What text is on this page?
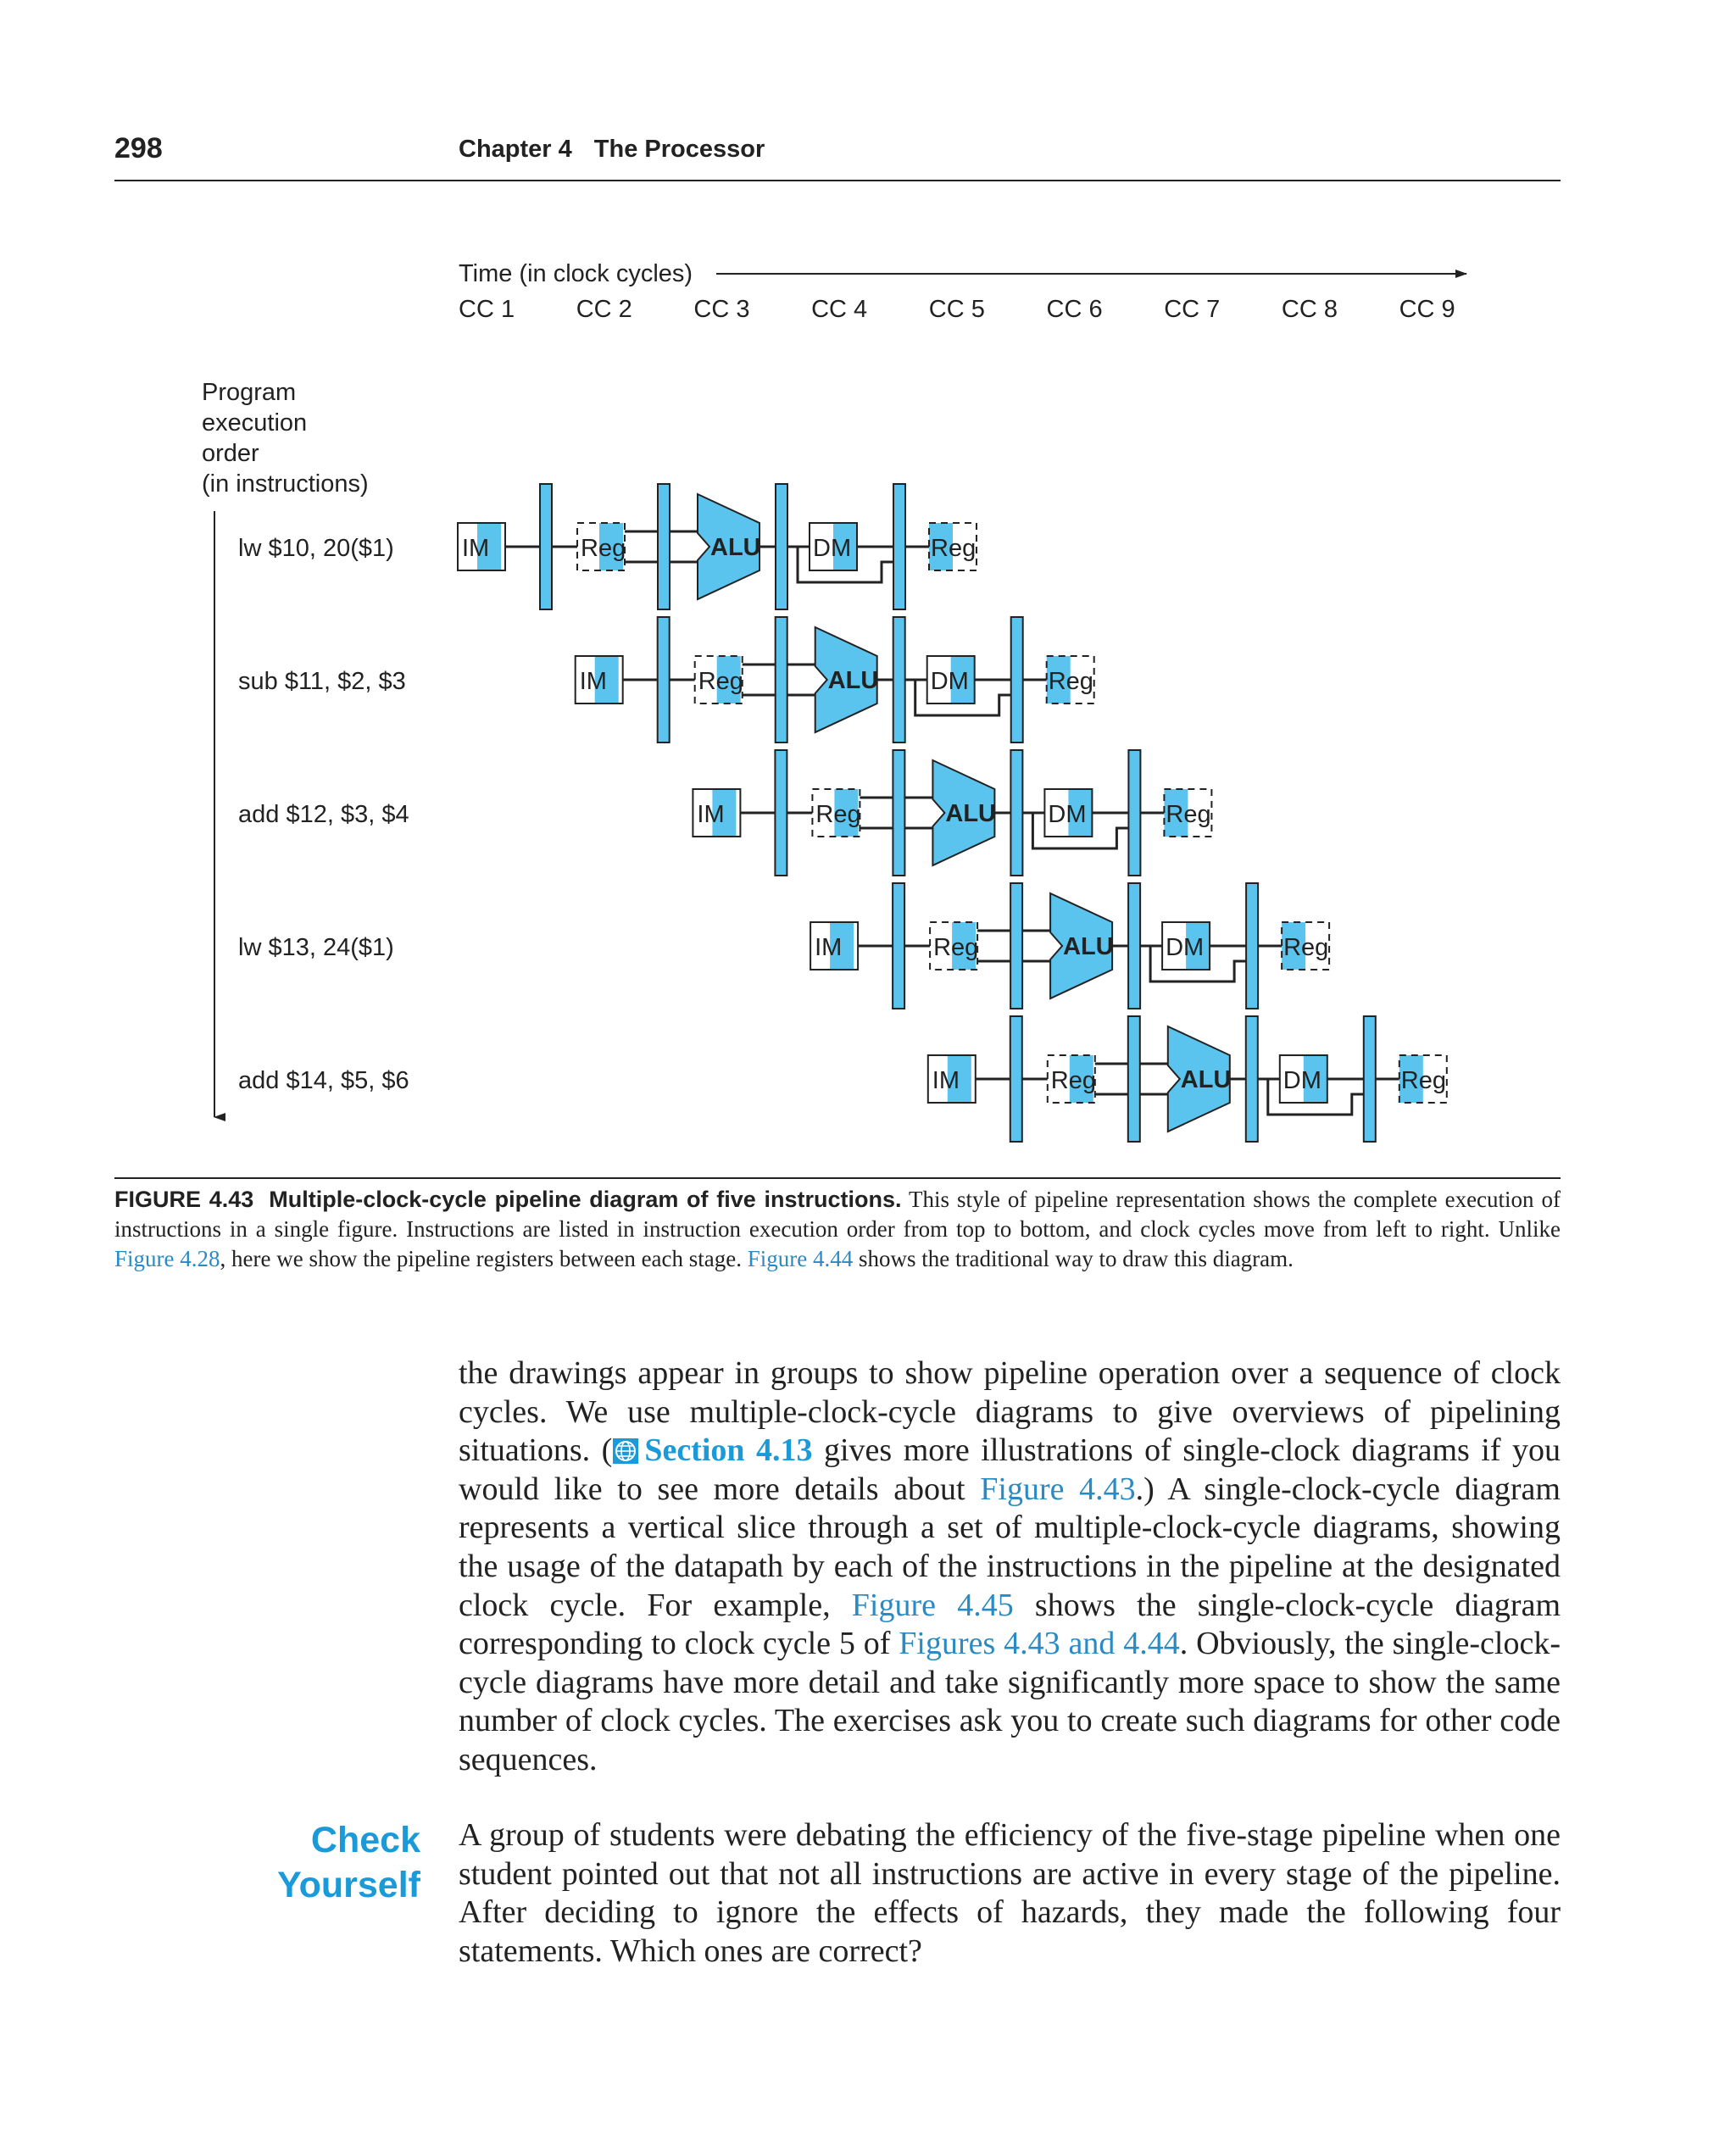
298	Chapter 4 The Processor
Time (in clock cycles)
CC 1	CC 2	CC 3	CC 4	CC 5	CC 6	CC 7	CC 8	CC 9
Program
execution
order
(in instructions)
lw $10, 20($1)	IM	Reg	ALU DM	Reg
sub $11, $2, $3	IM	Reg	ALU DM	Reg
add $12, $3, $4	IM	Reg	ALU DM	Reg
lw $13, 24($1)	IM	Reg	ALU DM	Reg
add $14, $5, $6	IM	Reg	ALU DM	Reg
FIGURE 4.43 Multiple-clock-cycle pipeline diagram of five instructions. This style of pipeline representation shows the complete execution of instructions in a single figure. Instructions are listed in instruction execution order from top to bottom, and clock cycles move from left to right. Unlike Figure 4.28, here we show the pipeline registers between each stage. Figure 4.44 shows the traditional way to draw this diagram.
the drawings appear in groups to show pipeline operation over a sequence of clock cycles. We use multiple-clock-cycle diagrams to give overviews of pipelining situations. ( Section 4.13 gives more illustrations of single-clock diagrams if you would like to see more details about Figure 4.43.) A single-clock-cycle diagram represents a vertical slice through a set of multiple-clock-cycle diagrams, showing the usage of the datapath by each of the instructions in the pipeline at the designated clock cycle. For example, Figure 4.45 shows the single-clock-cycle diagram corresponding to clock cycle 5 of Figures 4.43 and 4.44. Obviously, the single-clock-cycle diagrams have more detail and take significantly more space to show the same number of clock cycles. The exercises ask you to create such diagrams for other code sequences.
Check
Yourself
A group of students were debating the efficiency of the five-stage pipeline when one student pointed out that not all instructions are active in every stage of the pipeline. After deciding to ignore the effects of hazards, they made the following four statements. Which ones are correct?
